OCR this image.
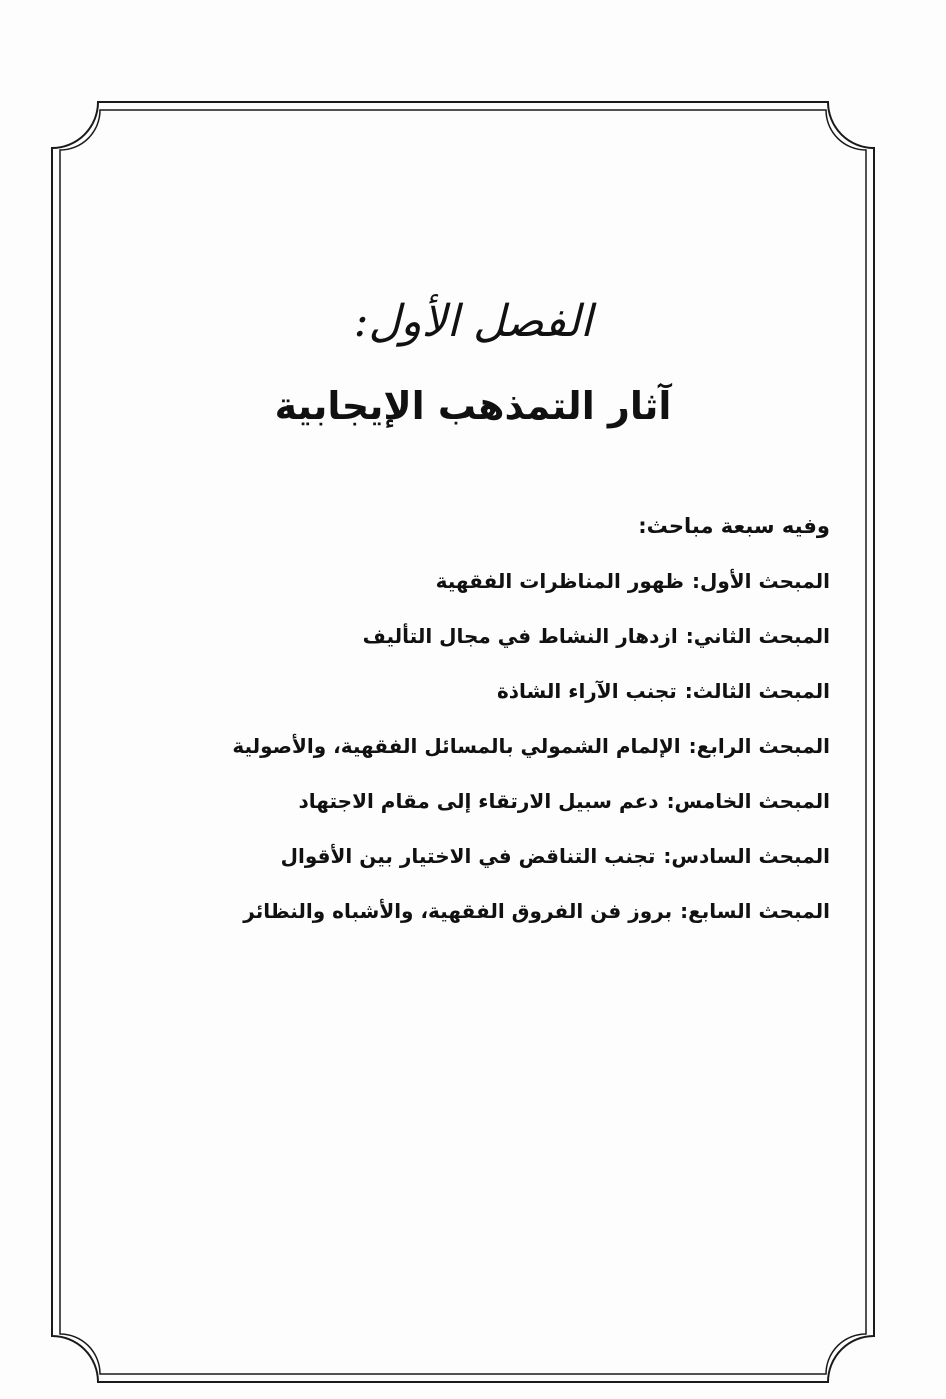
الفصل الأول:
آثار التمذهب الإيجابية

وفيه سبعة مباحث:

المبحث الأول:ظهور المناظرات الفقهية

المبحث الثاني:ازدهار النشاط في مجال التأليف

المبحث الثالث:تجنب الآراء الشاذة

المبحث الرابع:الإلمام الشمولي بالمسائل الفقهية، والأصولية

المبحث الخامس:دعم سبيل الارتقاء إلى مقام الاجتهاد

المبحث السادس:تجنب التناقض في الاختيار بين الأقوال

المبحث السابع:بروز فن الفروق الفقهية، والأشباه والنظائر
